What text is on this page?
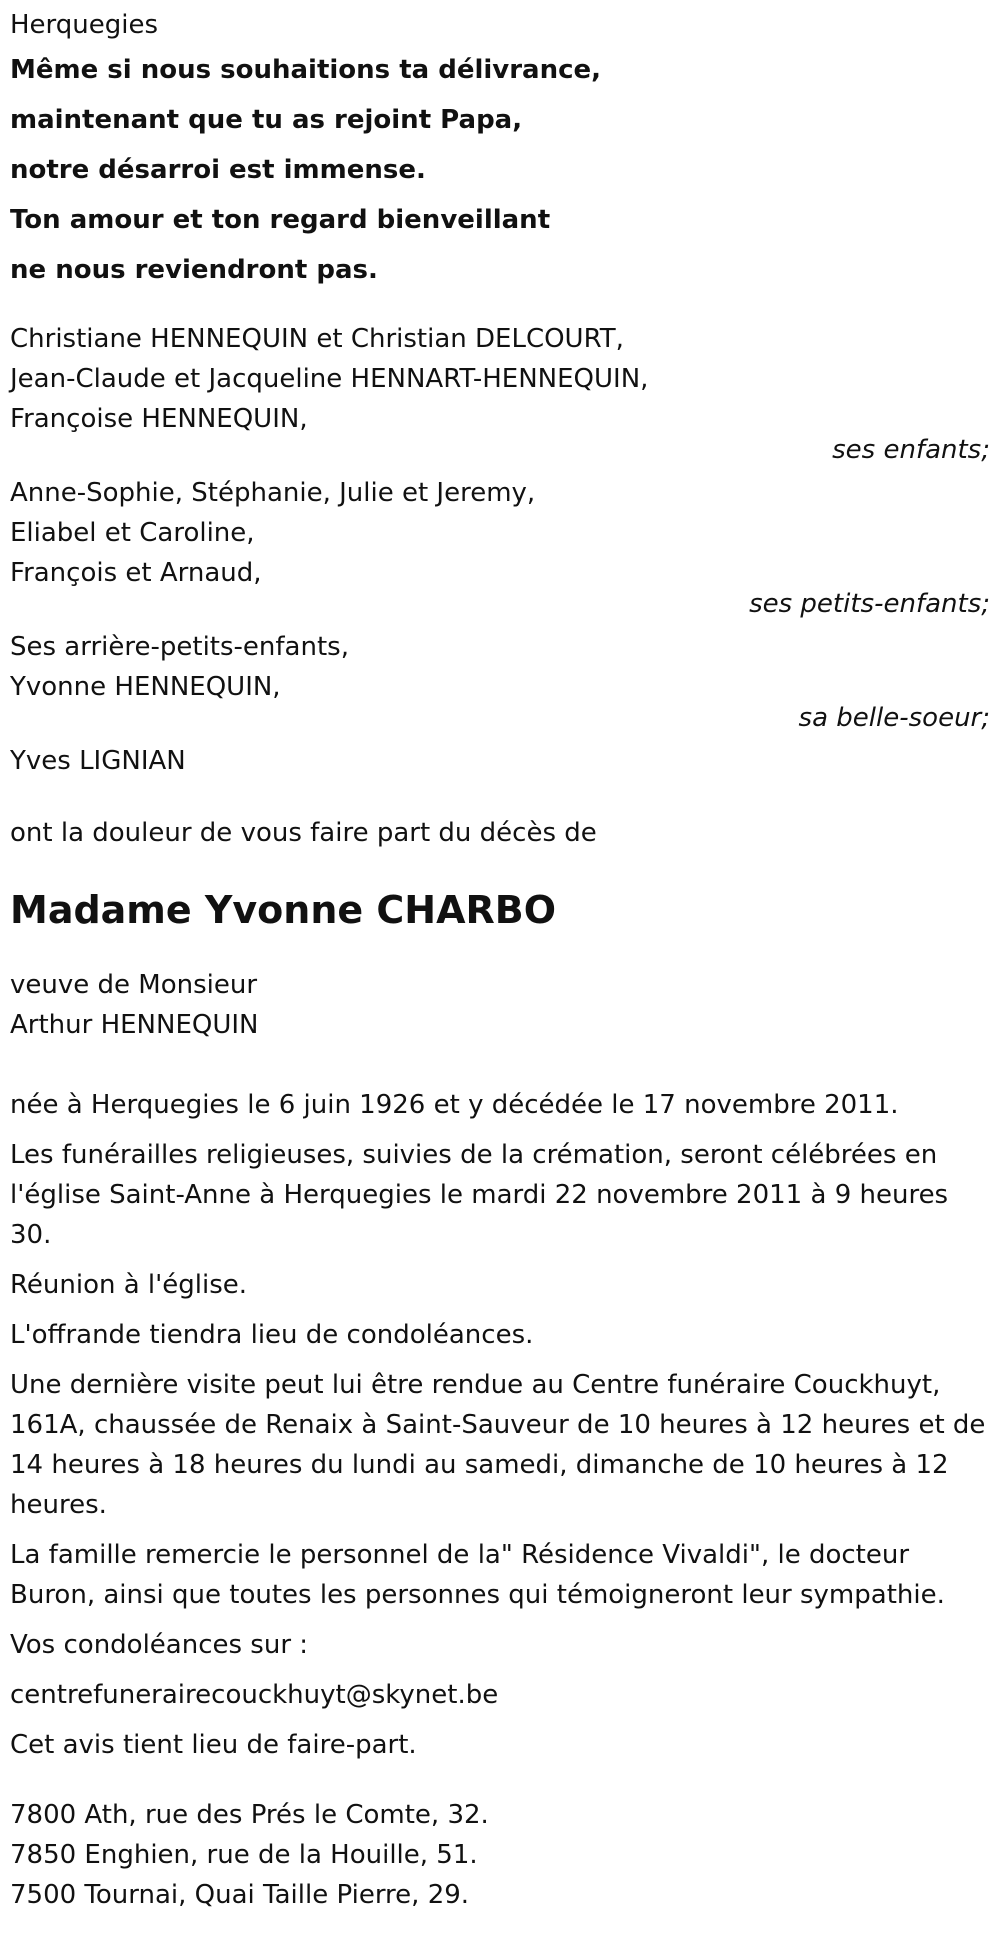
Herquegies
Même si nous souhaitions ta délivrance,
maintenant que tu as rejoint Papa,
notre désarroi est immense.
Ton amour et ton regard bienveillant
ne nous reviendront pas.
Christiane HENNEQUIN et Christian DELCOURT,
Jean-Claude et Jacqueline HENNART-HENNEQUIN,
Françoise HENNEQUIN,
ses enfants;
Anne-Sophie, Stéphanie, Julie et Jeremy,
Eliabel et Caroline,
François et Arnaud,
ses petits-enfants;
Ses arrière-petits-enfants,
Yvonne HENNEQUIN,
sa belle-soeur;
Yves LIGNIAN
ont la douleur de vous faire part du décès de
Madame Yvonne CHARBO
veuve de Monsieur
Arthur HENNEQUIN

née à Herquegies le 6 juin 1926 et y décédée le 17 novembre 2011.

Les funérailles religieuses, suivies de la crémation, seront célébrées en l'église Saint-Anne à Herquegies le mardi 22 novembre 2011 à 9 heures 30.

Réunion à l'église.

L'offrande tiendra lieu de condoléances.

Une dernière visite peut lui être rendue au Centre funéraire Couckhuyt, 161A, chaussée de Renaix à Saint-Sauveur de 10 heures à 12 heures et de 14 heures à 18 heures du lundi au samedi, dimanche de 10 heures à 12 heures.

La famille remercie le personnel de la" Résidence Vivaldi", le docteur Buron, ainsi que toutes les personnes qui témoigneront leur sympathie.

Vos condoléances sur :

centrefunerairecouckhuyt@skynet.be

Cet avis tient lieu de faire-part.

7800 Ath, rue des Prés le Comte, 32.
7850 Enghien, rue de la Houille, 51.
7500 Tournai, Quai Taille Pierre, 29.
